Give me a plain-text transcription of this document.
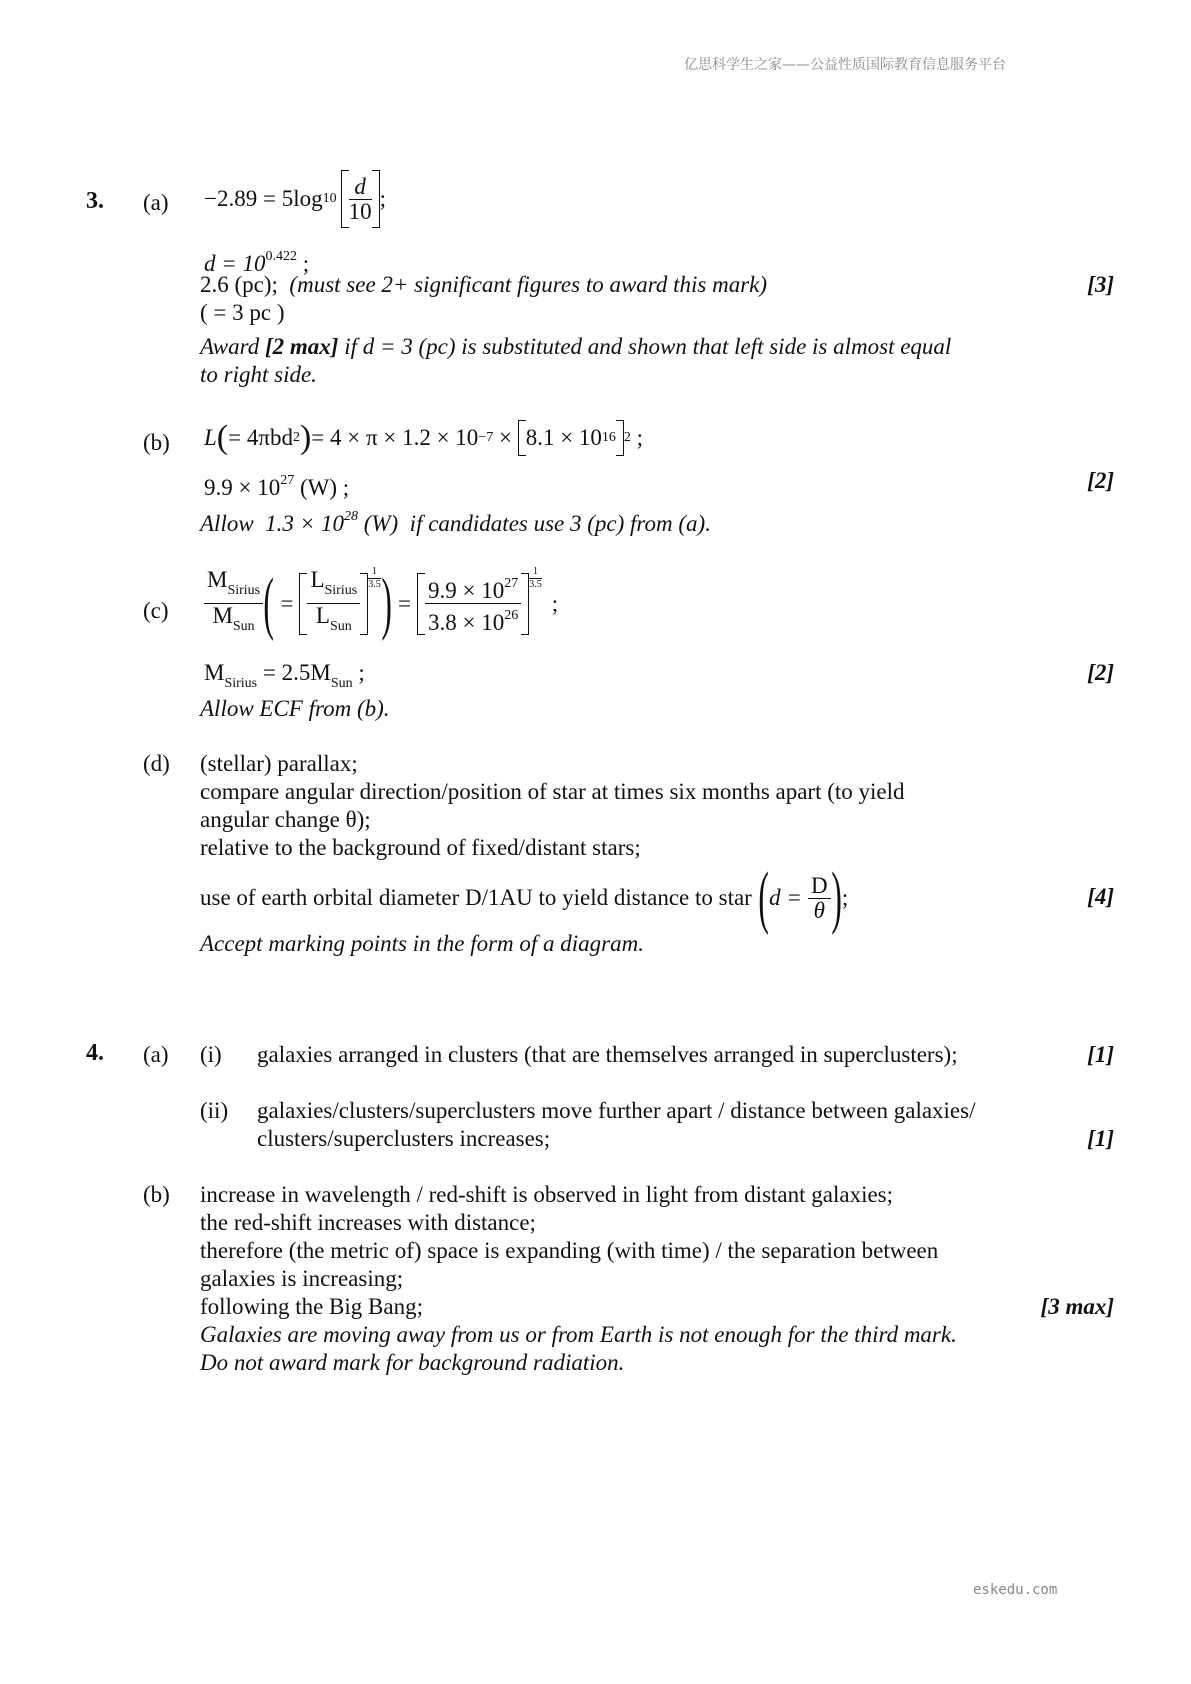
亿思科学生之家——公益性质国际教育信息服务平台
3. (a) −2.89 = 5log $10 \frac{d}{10}$ ;
$d = 10^{0.422}$ ;
2.6 (pc); (must see 2+ significant figures to award this mark)	[3]
( = 3 pc )
Award [2 max] if d = 3 (pc) is substituted and shown that left side is almost equal
to right side.
(b) L ( = 4πbd 2 ) = 4 × π × 1.2 × 10 −7 × 8.1 × 10 16 2 ;
$9.9 \times 10^{27}$ (W) ;	[2]
Allow  $1.3 \times 10^{28}$ (W)  if candidates use 3 (pc) from (a).
$(c) \frac{M_{Sirius}}{M_{Sun}}$ ( = $\frac{L_{Sirius}}{L_{Sun}} \frac{1}{3.5}$ ) = $\frac{9.9 \times 10^{27}}{3.8 \times 10^{26}} \frac{1}{3.5}$
;
$M_{Sirius} = 2.5M_{Sun}$ ;	[2]
Allow ECF from (b).
(d) (stellar) parallax;
compare angular direction/position of star at times six months apart (to yield
angular change θ);
relative to the background of fixed/distant stars;
use of earth orbital diameter D/1AU to yield distance to star ( $d = \frac{D}{\theta}$ ) ;	[4]
Accept marking points in the form of a diagram.
4. (a) (i) galaxies arranged in clusters (that are themselves arranged in superclusters);	[1]
(ii) galaxies/clusters/superclusters move further apart / distance between galaxies/
clusters/superclusters increases;	[1]
(b) increase in wavelength / red-shift is observed in light from distant galaxies;
the red-shift increases with distance;
therefore (the metric of) space is expanding (with time) / the separation between
galaxies is increasing;
following the Big Bang;	[3 max]
Galaxies are moving away from us or from Earth is not enough for the third mark.
Do not award mark for background radiation.
eskedu.com
